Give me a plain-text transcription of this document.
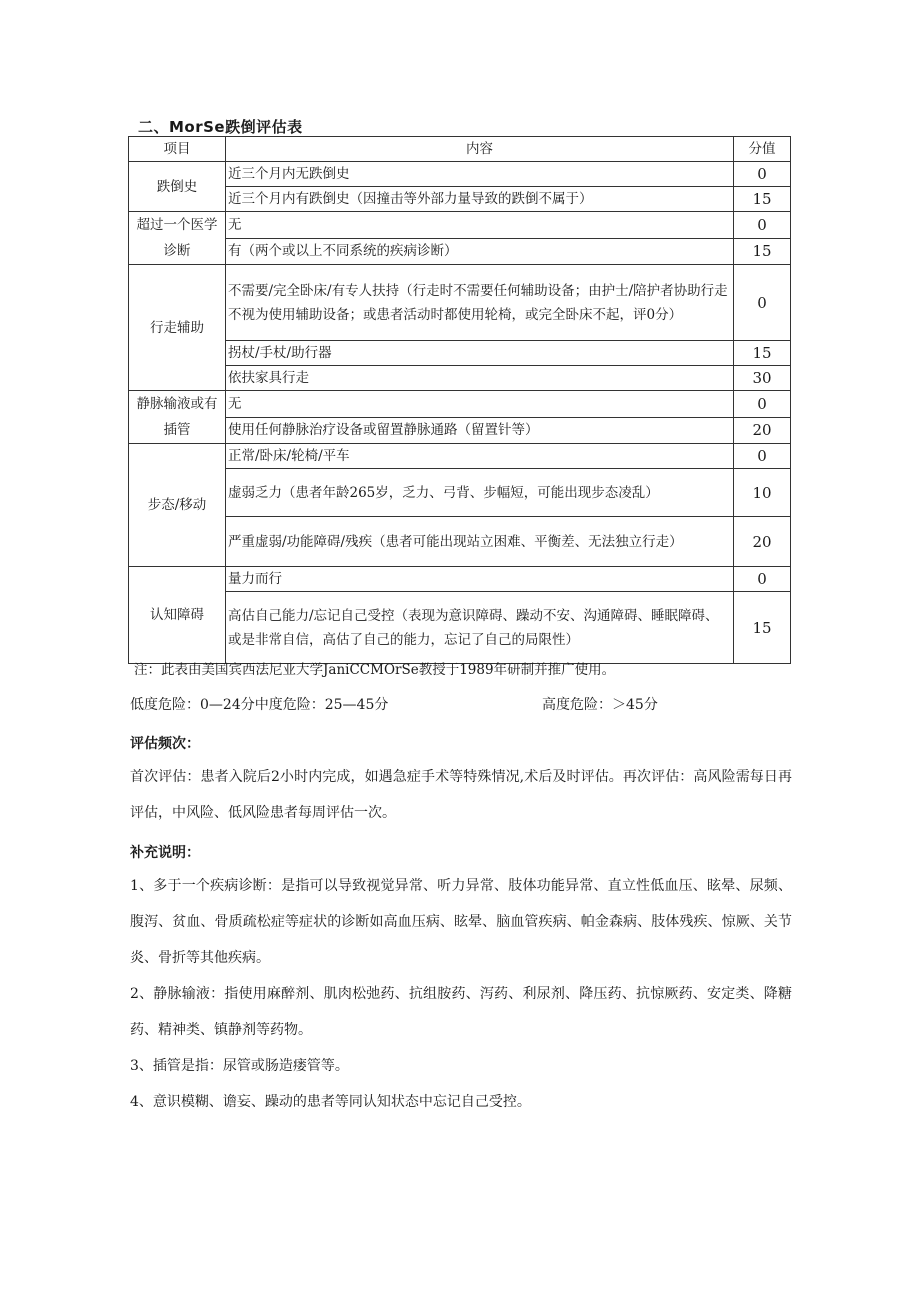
二、MorSe跌倒评估表
项目	内容	分值
跌倒史	近三个月内无跌倒史	0
	近三个月内有跌倒史（因撞击等外部力量导致的跌倒不属于）	15
超过一个医学诊断	无	0
	有（两个或以上不同系统的疾病诊断）	15
行走辅助	不需要/完全卧床/有专人扶持（行走时不需要任何辅助设备；由护士/陪护者协助行走不视为使用辅助设备；或患者活动时都使用轮椅，或完全卧床不起，评0分）	0
	拐杖/手杖/助行器	15
	依扶家具行走	30
静脉输液或有插管	无	0
	使用任何静脉治疗设备或留置静脉通路（留置针等）	20
步态/移动	正常/卧床/轮椅/平车	0
	虚弱乏力（患者年龄265岁，乏力、弓背、步幅短，可能出现步态凌乱）	10
	严重虚弱/功能障碍/残疾（患者可能出现站立困难、平衡差、无法独立行走）	20
认知障碍	量力而行	0
	高估自己能力/忘记自己受控（表现为意识障碍、躁动不安、沟通障碍、睡眠障碍、或是非常自信，高估了自己的能力，忘记了自己的局限性）	15
注：此表由美国宾西法尼亚大学JaniCCMOrSe教授于1989年研制并推广使用。
低度危险：0—24分中度危险：25—45分	高度危险：＞45分
评估频次：
首次评估：患者入院后2小时内完成，如遇急症手术等特殊情况,术后及时评估。再次评估：高风险需每日再评估，中风险、低风险患者每周评估一次。
补充说明：
1、多于一个疾病诊断：是指可以导致视觉异常、听力异常、肢体功能异常、直立性低血压、眩晕、尿频、腹泻、贫血、骨质疏松症等症状的诊断如高血压病、眩晕、脑血管疾病、帕金森病、肢体残疾、惊厥、关节炎、骨折等其他疾病。
2、静脉输液：指使用麻醉剂、肌肉松弛药、抗组胺药、泻药、利尿剂、降压药、抗惊厥药、安定类、降糖药、精神类、镇静剂等药物。
3、插管是指：尿管或肠造瘘管等。
4、意识模糊、谵妄、躁动的患者等同认知状态中忘记自己受控。
